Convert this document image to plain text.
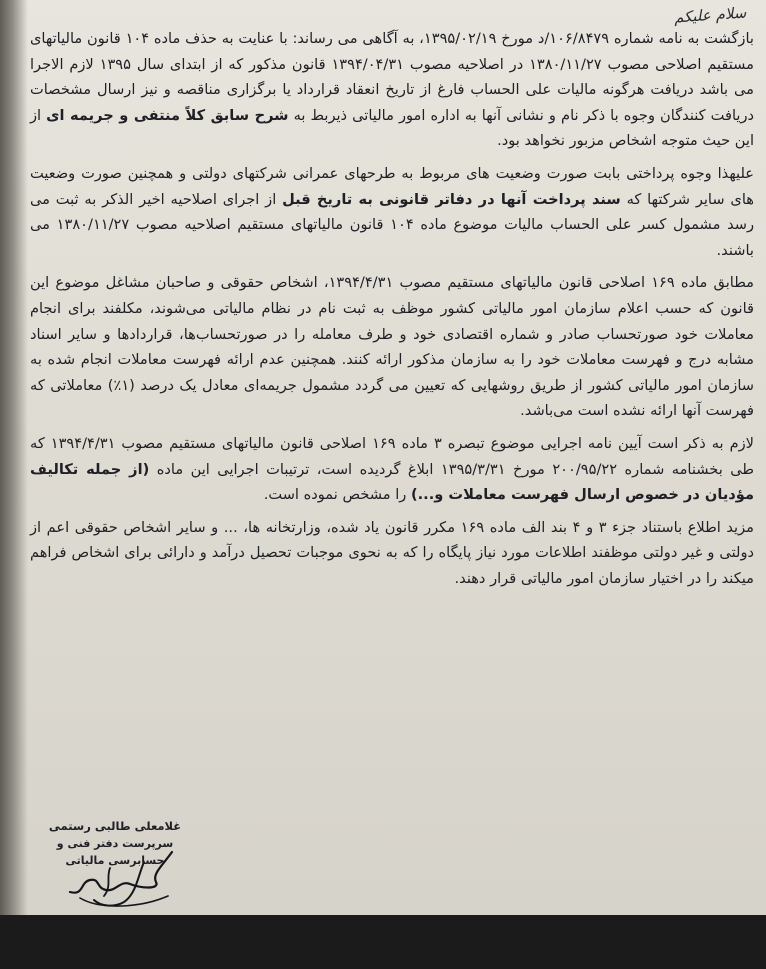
سلام علیکم

بازگشت به نامه شماره ۱۰۶/۸۴۷۹/د مورخ ۱۳۹۵/۰۲/۱۹، به آگاهی می رساند: با عنایت به حذف ماده ۱۰۴ قانون مالیاتهای مستقیم اصلاحی مصوب ۱۳۸۰/۱۱/۲۷ در اصلاحیه مصوب ۱۳۹۴/۰۴/۳۱ قانون مذکور که از ابتدای سال ۱۳۹۵ لازم الاجرا می باشد دریافت هرگونه مالیات علی الحساب فارغ از تاریخ انعقاد قرارداد یا برگزاری مناقصه و نیز ارسال مشخصات دریافت کنندگان وجوه با ذکر نام و نشانی آنها به اداره امور مالیاتی ذیربط به شرح سابق کلاً منتفی و جریمه ای از این حیث متوجه اشخاص مزبور نخواهد بود.

علیهذا وجوه پرداختی بابت صورت وضعیت های مربوط به طرحهای عمرانی شرکتهای دولتی و همچنین صورت وضعیت های سایر شرکتها که سند پرداخت آنها در دفاتر قانونی به تاریخ قبل از اجرای اصلاحیه اخیر الذکر به ثبت می رسد مشمول کسر علی الحساب مالیات موضوع ماده ۱۰۴ قانون مالیاتهای مستقیم اصلاحیه مصوب ۱۳۸۰/۱۱/۲۷ می باشند.

مطابق ماده ۱۶۹ اصلاحی قانون مالیاتهای مستقیم مصوب ۱۳۹۴/۴/۳۱، اشخاص حقوقی و صاحبان مشاغل موضوع این قانون که حسب اعلام سازمان امور مالیاتی کشور موظف به ثبت نام در نظام مالیاتی می‌شوند، مکلفند برای انجام معاملات خود صورتحساب صادر و شماره اقتصادی خود و طرف معامله را در صورتحساب‌ها، قراردادها و سایر اسناد مشابه درج و فهرست معاملات خود را به سازمان مذکور ارائه کنند. همچنین عدم ارائه فهرست معاملات انجام شده به سازمان امور مالیاتی کشور از طریق روشهایی که تعیین می گردد مشمول جریمه‌ای معادل یک درصد (۱٪) معاملاتی که فهرست آنها ارائه نشده است می‌باشد.

لازم به ذکر است آیین نامه اجرایی موضوع تبصره ۳ ماده ۱۶۹ اصلاحی قانون مالیاتهای مستقیم مصوب ۱۳۹۴/۴/۳۱ که طی بخشنامه شماره ۲۰۰/۹۵/۲۲ مورخ ۱۳۹۵/۳/۳۱ ابلاغ گردیده است، ترتیبات اجرایی این ماده (از جمله تکالیف مؤدیان در خصوص ارسال فهرست معاملات و...) را مشخص نموده است.

مزید اطلاع باستناد جزء ۳ و ۴ بند الف ماده ۱۶۹ مکرر قانون یاد شده، وزارتخانه ها، ... و سایر اشخاص حقوقی اعم از دولتی و غیر دولتی موظفند اطلاعات مورد نیاز پایگاه را که به نحوی موجبات تحصیل درآمد و دارائی برای اشخاص فراهم میکند را در اختیار سازمان امور مالیاتی قرار دهند.

غلامعلی طالبی رستمی
سرپرست دفتر فنی و حسابرسی مالیاتی
